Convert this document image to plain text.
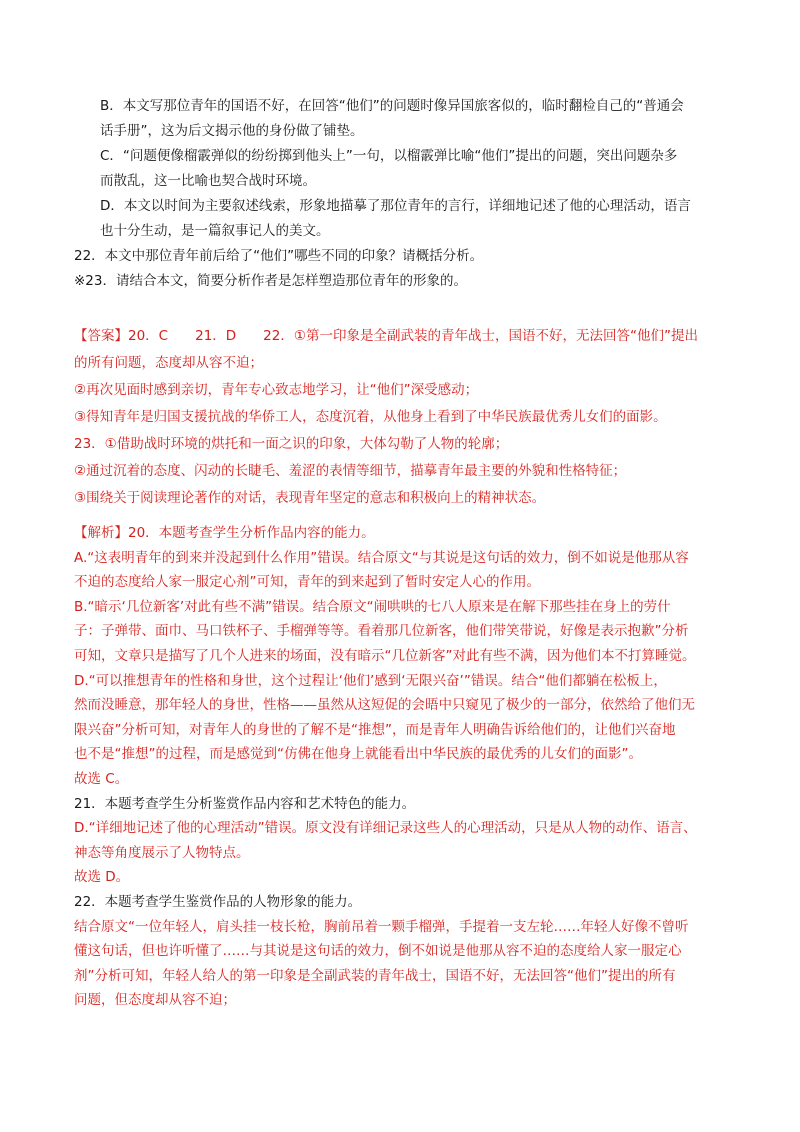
B．本文写那位青年的国语不好，在回答“他们”的问题时像异国旅客似的，临时翻检自己的“普通会
话手册”，这为后文揭示他的身份做了铺垫。
C．“问题便像榴霰弹似的纷纷掷到他头上”一句，以榴霰弹比喻“他们”提出的问题，突出问题杂多
而散乱，这一比喻也契合战时环境。
D．本文以时间为主要叙述线索，形象地描摹了那位青年的言行，详细地记述了他的心理活动，语言
也十分生动，是一篇叙事记人的美文。
22．本文中那位青年前后给了“他们”哪些不同的印象？请概括分析。
※23．请结合本文，简要分析作者是怎样塑造那位青年的形象的。
【答案】20．C　　21．D　　22．①第一印象是全副武装的青年战士，国语不好，无法回答“他们”提出
的所有问题，态度却从容不迫；
②再次见面时感到亲切，青年专心致志地学习，让“他们”深受感动；
③得知青年是归国支援抗战的华侨工人，态度沉着，从他身上看到了中华民族最优秀儿女们的面影。
23．①借助战时环境的烘托和一面之识的印象，大体勾勒了人物的轮廓；
②通过沉着的态度、闪动的长睫毛、羞涩的表情等细节，描摹青年最主要的外貌和性格特征；
③围绕关于阅读理论著作的对话，表现青年坚定的意志和积极向上的精神状态。
【解析】20．本题考查学生分析作品内容的能力。
A.“这表明青年的到来并没起到什么作用”错误。结合原文“与其说是这句话的效力，倒不如说是他那从容
不迫的态度给人家一服定心剂”可知，青年的到来起到了暂时安定人心的作用。
B.“暗示‘几位新客’对此有些不满”错误。结合原文“闹哄哄的七八人原来是在解下那些挂在身上的劳什
子：子弹带、面巾、马口铁杯子、手榴弹等等。看着那几位新客，他们带笑带说，好像是表示抱歉”分析
可知，文章只是描写了几个人进来的场面，没有暗示“几位新客”对此有些不满，因为他们本不打算睡觉。
D.“可以推想青年的性格和身世，这个过程让‘他们’感到‘无限兴奋’”错误。结合“他们都躺在松板上，
然而没睡意，那年轻人的身世，性格——虽然从这短促的会晤中只窥见了极少的一部分，依然给了他们无
限兴奋”分析可知，对青年人的身世的了解不是“推想”，而是青年人明确告诉给他们的，让他们兴奋地
也不是“推想”的过程，而是感觉到“仿佛在他身上就能看出中华民族的最优秀的儿女们的面影”。
故选 C。
21．本题考查学生分析鉴赏作品内容和艺术特色的能力。
D.“详细地记述了他的心理活动”错误。原文没有详细记录这些人的心理活动，只是从人物的动作、语言、
神态等角度展示了人物特点。
故选 D。
22．本题考查学生鉴赏作品的人物形象的能力。
结合原文“一位年轻人，肩头挂一枝长枪，胸前吊着一颗手榴弹，手提着一支左轮……年轻人好像不曾听
懂这句话，但也许听懂了……与其说是这句话的效力，倒不如说是他那从容不迫的态度给人家一服定心
剂”分析可知，年轻人给人的第一印象是全副武装的青年战士，国语不好，无法回答“他们”提出的所有
问题，但态度却从容不迫；
